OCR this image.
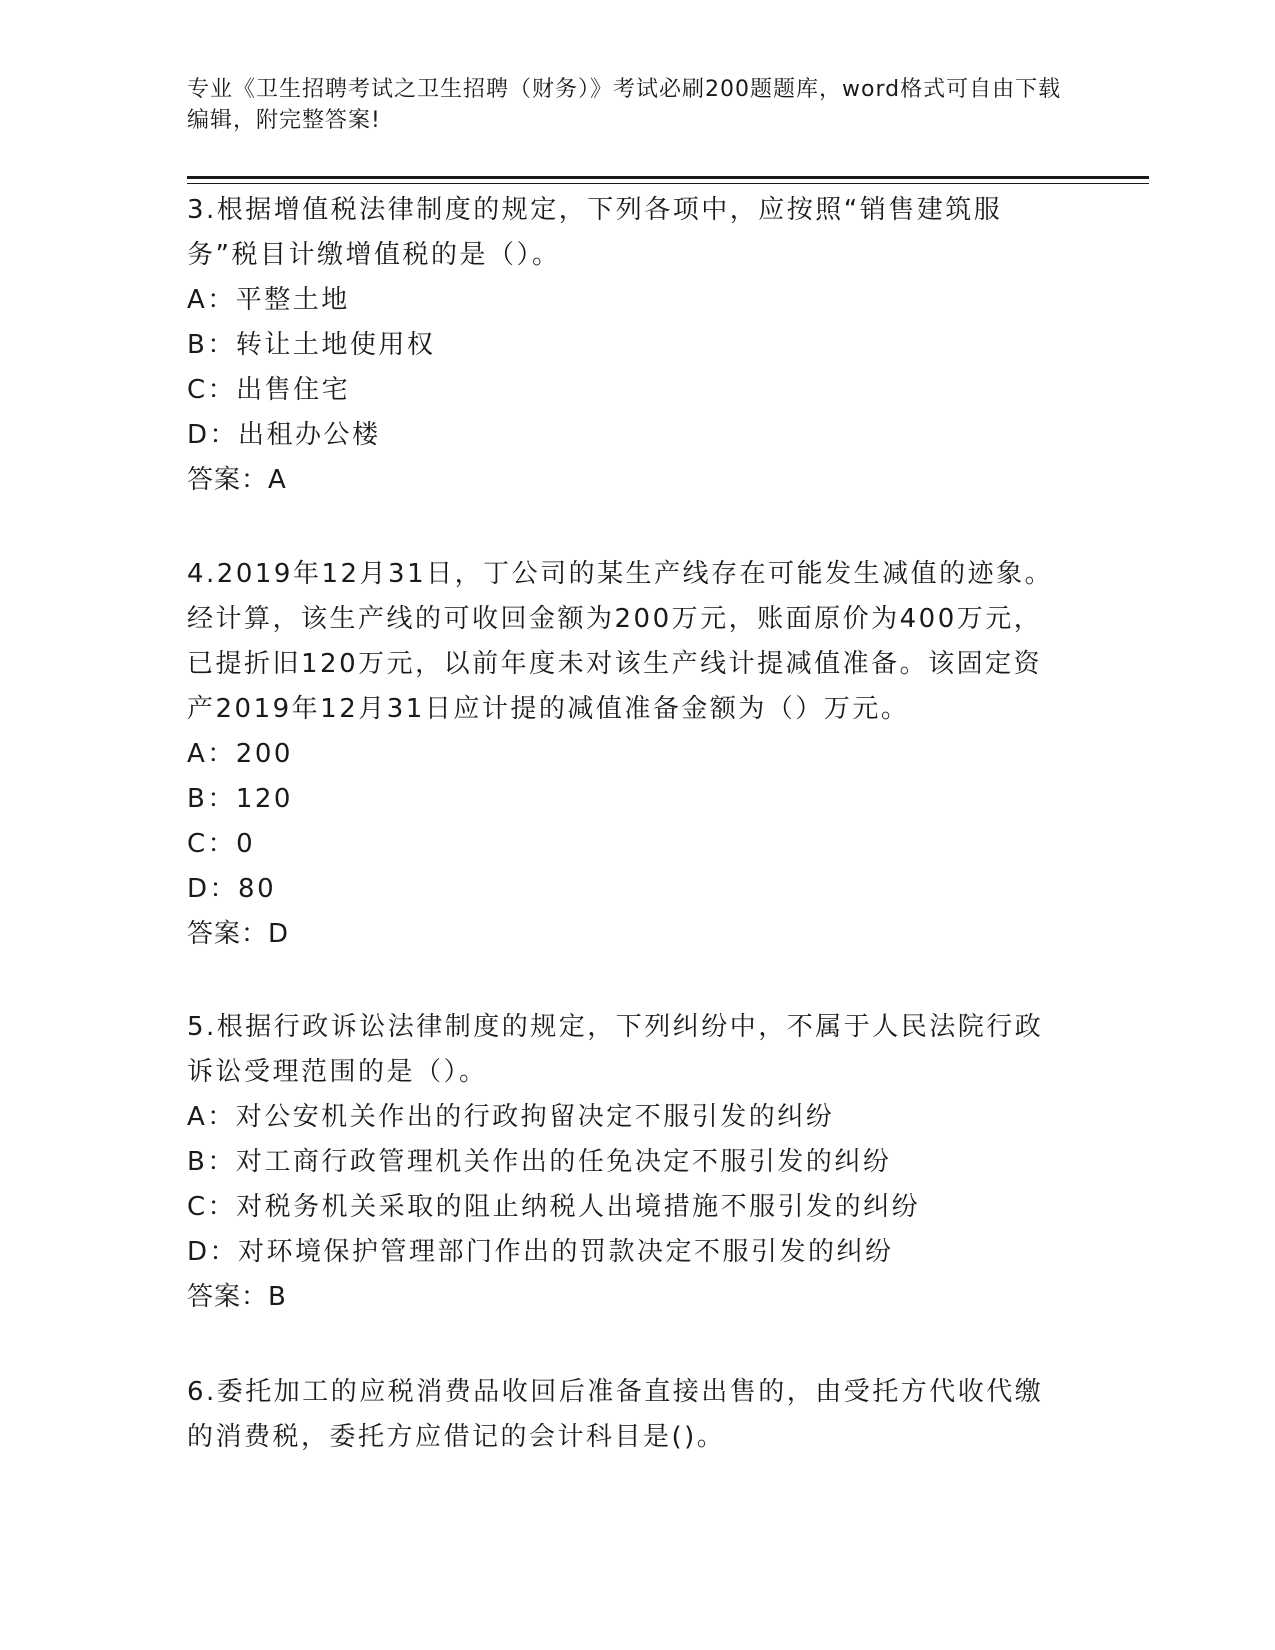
专业《卫生招聘考试之卫生招聘（财务）》考试必刷200题题库，word格式可自由下载编辑，附完整答案!

3.根据增值税法律制度的规定，下列各项中，应按照“销售建筑服务”税目计缴增值税的是（）。

A：平整土地

B：转让土地使用权

C：出售住宅

D：出租办公楼

答案：A

4.2019年12月31日，丁公司的某生产线存在可能发生减值的迹象。经计算，该生产线的可收回金额为200万元，账面原价为400万元，已提折旧120万元，以前年度未对该生产线计提减值准备。该固定资产2019年12月31日应计提的减值准备金额为（）万元。

A：200

B：120

C：0

D：80

答案：D

5.根据行政诉讼法律制度的规定，下列纠纷中，不属于人民法院行政诉讼受理范围的是（）。

A：对公安机关作出的行政拘留决定不服引发的纠纷

B：对工商行政管理机关作出的任免决定不服引发的纠纷

C：对税务机关采取的阻止纳税人出境措施不服引发的纠纷

D：对环境保护管理部门作出的罚款决定不服引发的纠纷

答案：B

6.委托加工的应税消费品收回后准备直接出售的，由受托方代收代缴的消费税，委托方应借记的会计科目是()。
